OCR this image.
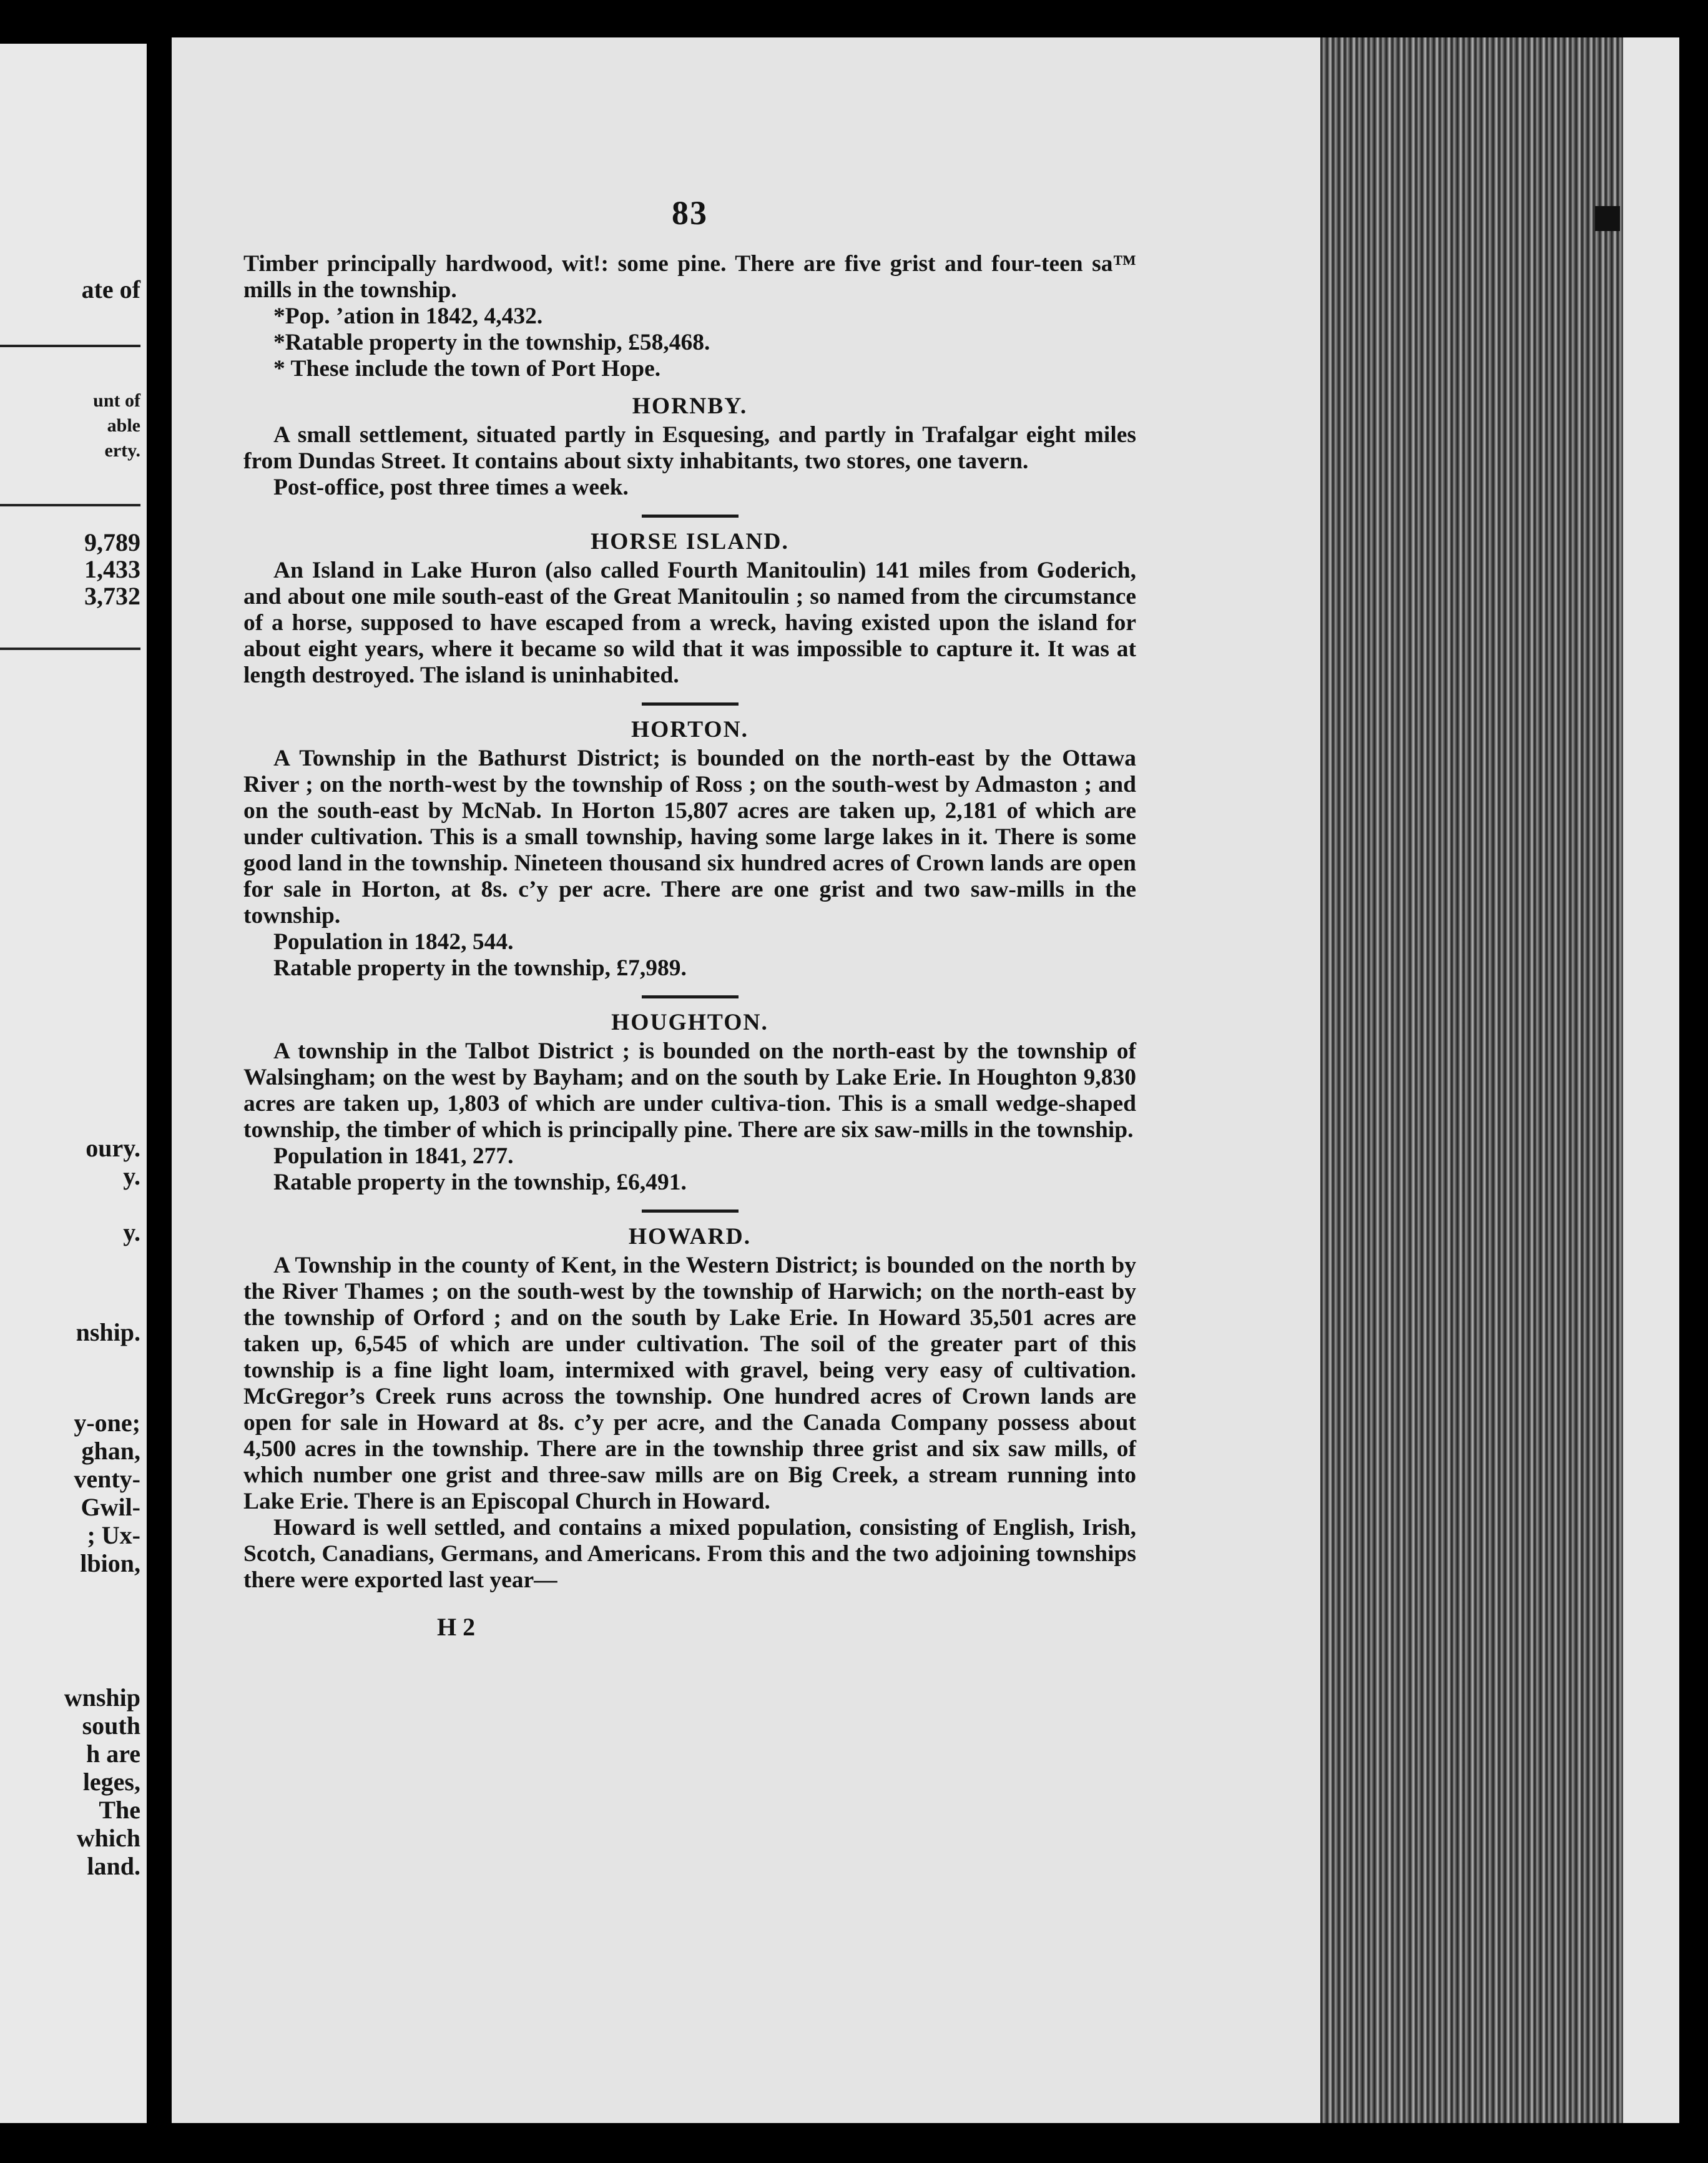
ate of
unt of
able
erty.
9,789
1,433
3,732
oury.
y.
y.
nship.
y-one;
ghan,
venty-
Gwil-
; Ux-
lbion,
wnship
south
h are
leges,
The
which
land.
83

Timber principally hardwood, wit!: some pine. There are five grist and four-teen sa™ mills in the township.

*Pop. ’ation in 1842, 4,432.

*Ratable property in the township, £58,468.

* These include the town of Port Hope.

HORNBY.

A small settlement, situated partly in Esquesing, and partly in Trafalgar eight miles from Dundas Street. It contains about sixty inhabitants, two stores, one tavern.

Post-office, post three times a week.

HORSE ISLAND.

An Island in Lake Huron (also called Fourth Manitoulin) 141 miles from Goderich, and about one mile south-east of the Great Manitoulin ; so named from the circumstance of a horse, supposed to have escaped from a wreck, having existed upon the island for about eight years, where it became so wild that it was impossible to capture it. It was at length destroyed. The island is uninhabited.

HORTON.

A Township in the Bathurst District; is bounded on the north-east by the Ottawa River ; on the north-west by the township of Ross ; on the south-west by Admaston ; and on the south-east by McNab. In Horton 15,807 acres are taken up, 2,181 of which are under cultivation. This is a small township, having some large lakes in it. There is some good land in the township. Nineteen thousand six hundred acres of Crown lands are open for sale in Horton, at 8s. c’y per acre. There are one grist and two saw-mills in the township.

Population in 1842, 544.

Ratable property in the township, £7,989.

HOUGHTON.

A township in the Talbot District ; is bounded on the north-east by the township of Walsingham; on the west by Bayham; and on the south by Lake Erie. In Houghton 9,830 acres are taken up, 1,803 of which are under cultiva-tion. This is a small wedge-shaped township, the timber of which is principally pine. There are six saw-mills in the township.

Population in 1841, 277.

Ratable property in the township, £6,491.

HOWARD.

A Township in the county of Kent, in the Western District; is bounded on the north by the River Thames ; on the south-west by the township of Harwich; on the north-east by the township of Orford ; and on the south by Lake Erie. In Howard 35,501 acres are taken up, 6,545 of which are under cultivation. The soil of the greater part of this township is a fine light loam, intermixed with gravel, being very easy of cultivation. McGregor’s Creek runs across the township. One hundred acres of Crown lands are open for sale in Howard at 8s. c’y per acre, and the Canada Company possess about 4,500 acres in the township. There are in the township three grist and six saw mills, of which number one grist and three-saw mills are on Big Creek, a stream running into Lake Erie. There is an Episcopal Church in Howard.

Howard is well settled, and contains a mixed population, consisting of English, Irish, Scotch, Canadians, Germans, and Americans. From this and the two adjoining townships there were exported last year—

H 2
